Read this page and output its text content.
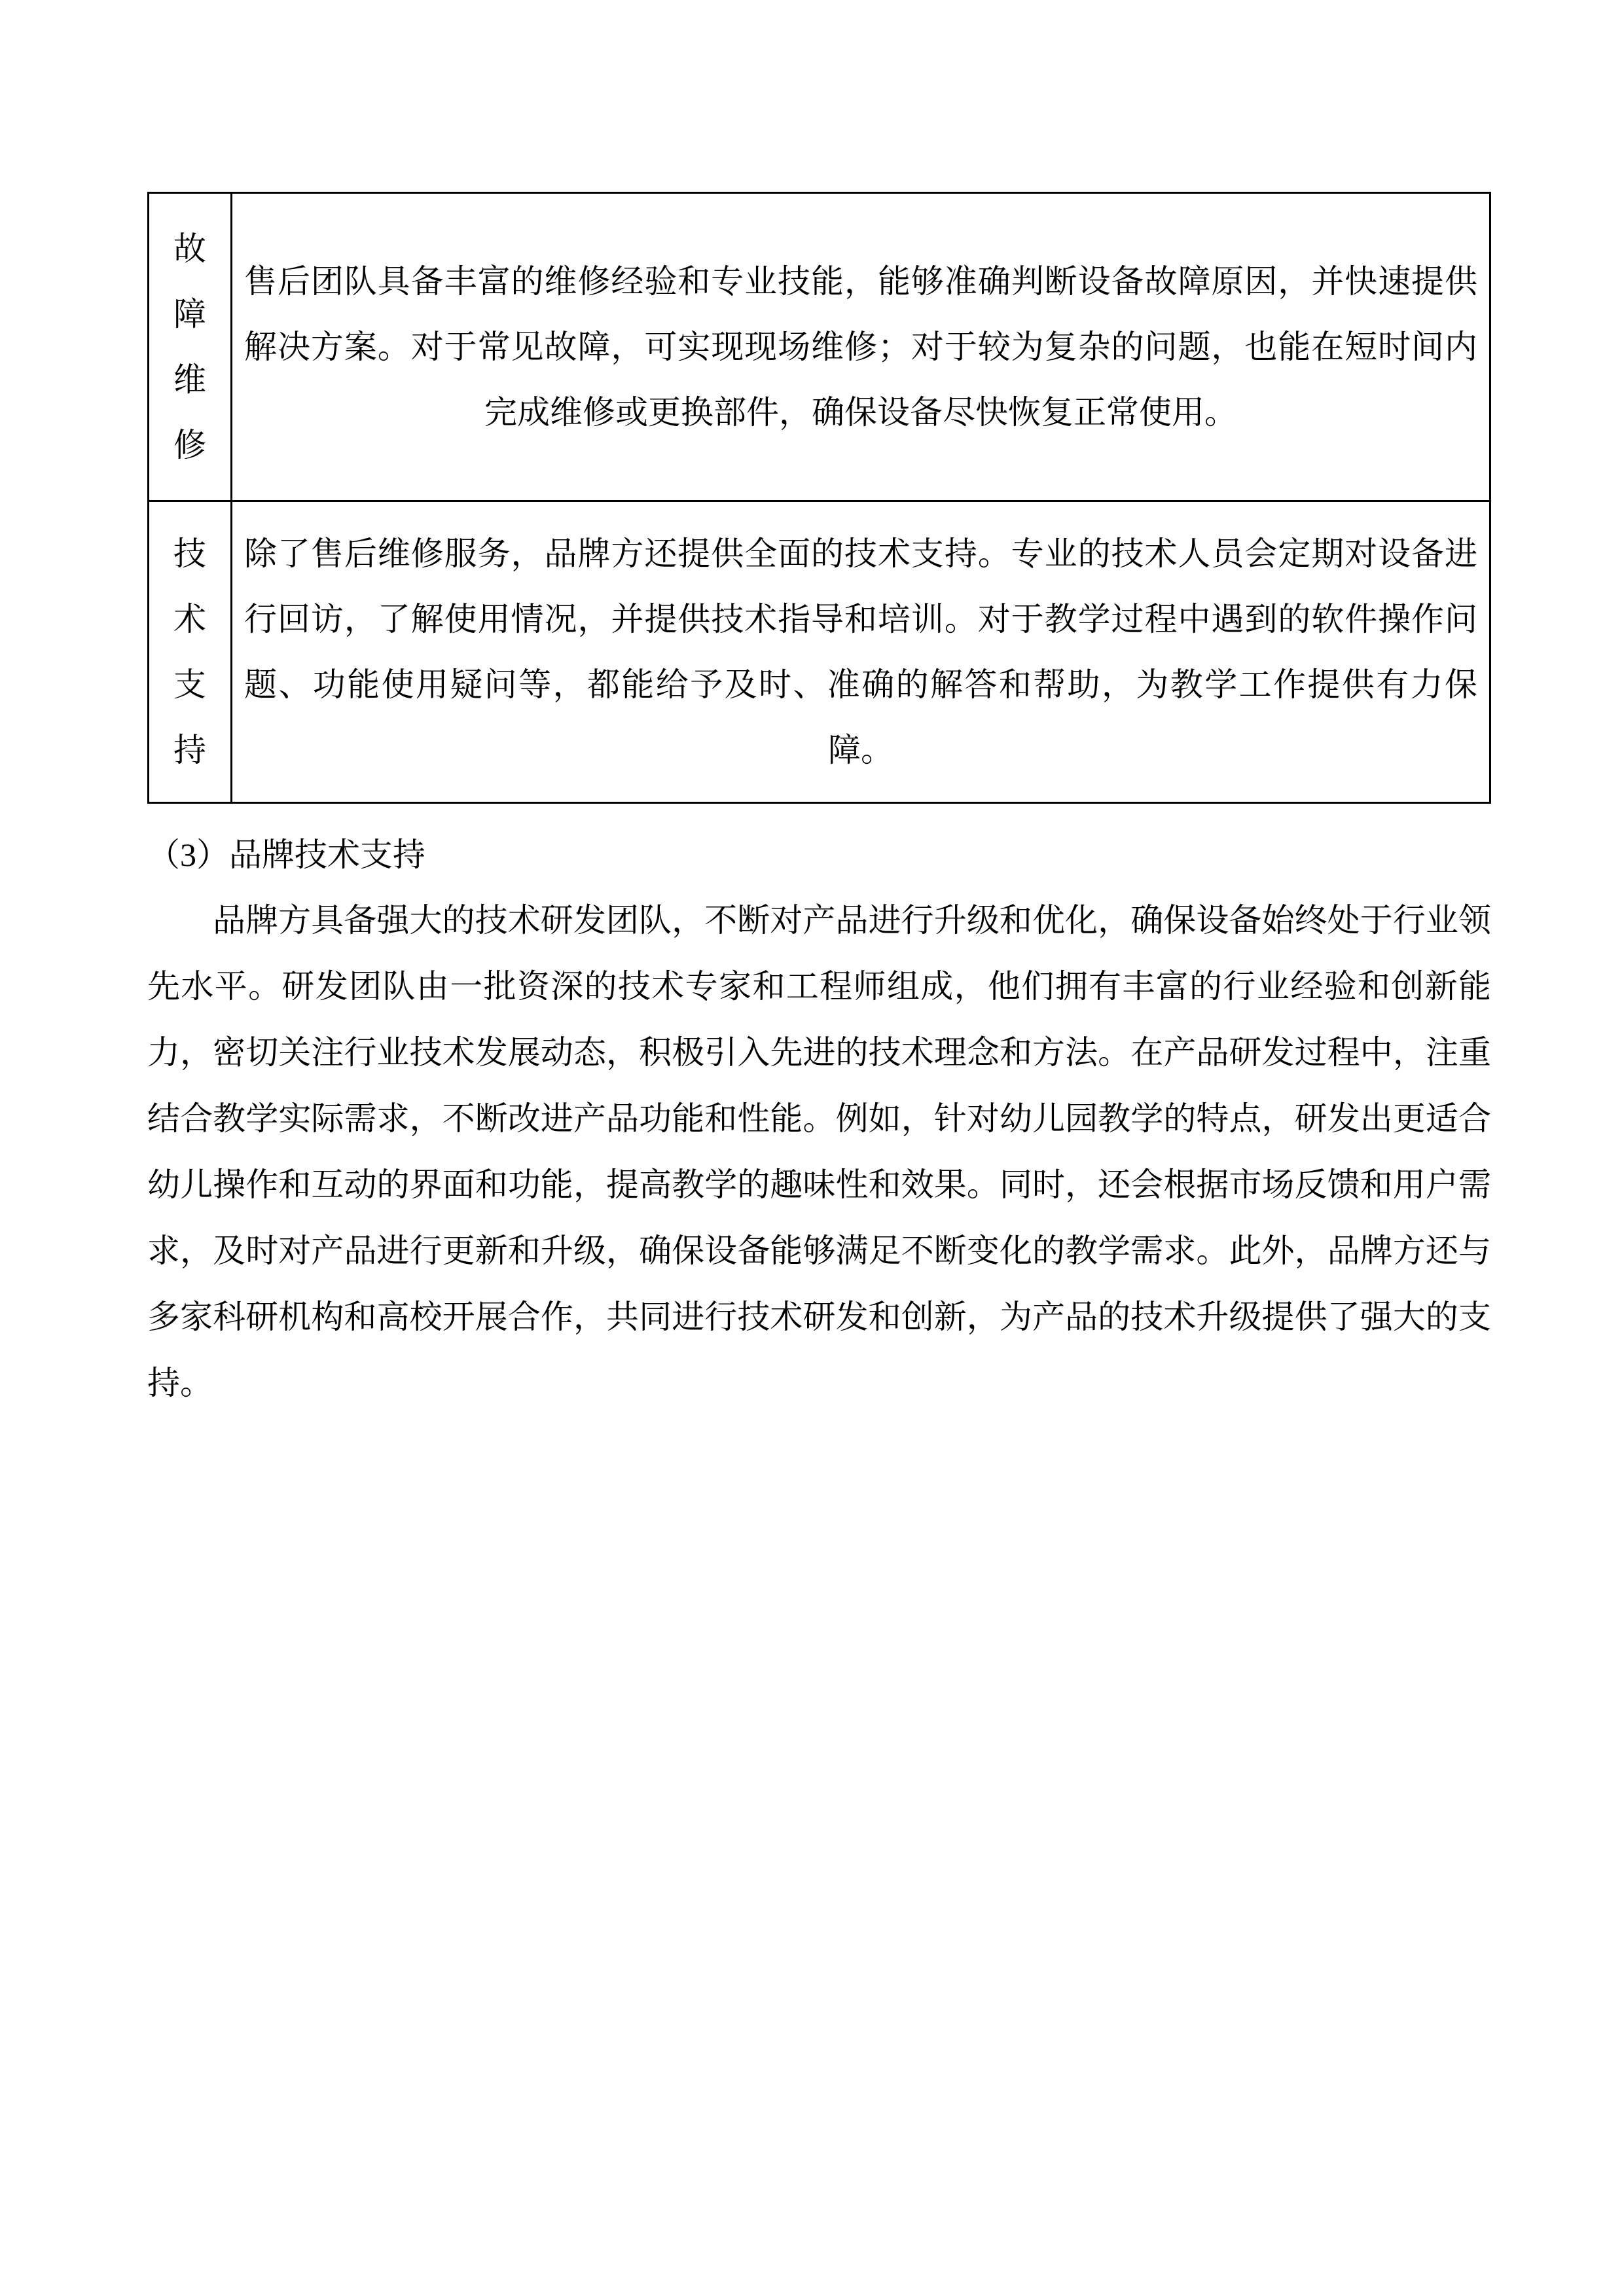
故障维修	售后团队具备丰富的维修经验和专业技能，能够准确判断设备故障原因，并快速提供解决方案。对于常见故障，可实现现场维修；对于较为复杂的问题，也能在短时间内完成维修或更换部件，确保设备尽快恢复正常使用。

技术支持	除了售后维修服务，品牌方还提供全面的技术支持。专业的技术人员会定期对设备进行回访，了解使用情况，并提供技术指导和培训。对于教学过程中遇到的软件操作问题、功能使用疑问等，都能给予及时、准确的解答和帮助，为教学工作提供有力保障。

（3）品牌技术支持

品牌方具备强大的技术研发团队，不断对产品进行升级和优化，确保设备始终处于行业领先水平。研发团队由一批资深的技术专家和工程师组成，他们拥有丰富的行业经验和创新能力，密切关注行业技术发展动态，积极引入先进的技术理念和方法。在产品研发过程中，注重结合教学实际需求，不断改进产品功能和性能。例如，针对幼儿园教学的特点，研发出更适合幼儿操作和互动的界面和功能，提高教学的趣味性和效果。同时，还会根据市场反馈和用户需求，及时对产品进行更新和升级，确保设备能够满足不断变化的教学需求。此外，品牌方还与多家科研机构和高校开展合作，共同进行技术研发和创新，为产品的技术升级提供了强大的支持。
